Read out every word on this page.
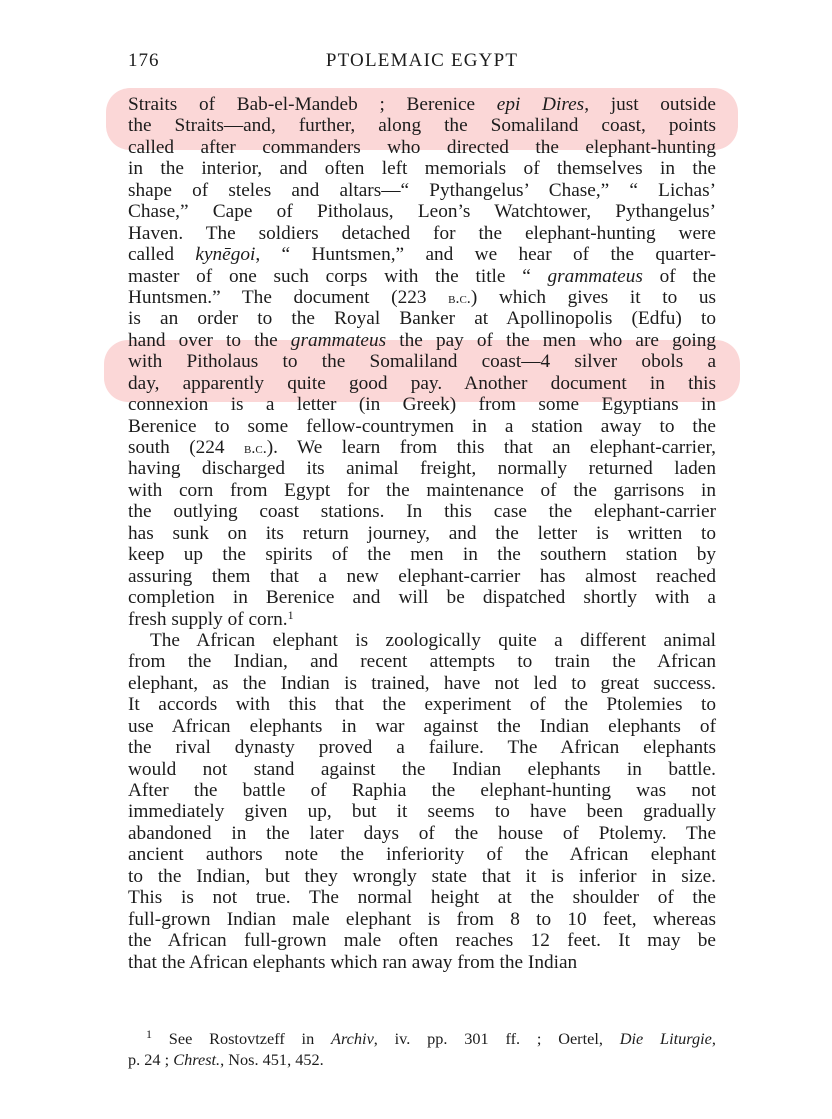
176	PTOLEMAIC EGYPT
Straits of Bab-el-Mandeb ; Berenice epi Dires, just outside
the Straits—and, further, along the Somaliland coast, points
called after commanders who directed the elephant-hunting
in the interior, and often left memorials of themselves in the
shape of steles and altars—“ Pythangelus’ Chase,” “ Lichas’
Chase,” Cape of Pitholaus, Leon’s Watchtower, Pythangelus’
Haven. The soldiers detached for the elephant-hunting were
called kynēgoi, “ Huntsmen,” and we hear of the quarter-
master of one such corps with the title “ grammateus of the
Huntsmen.” The document (223 b.c.) which gives it to us
is an order to the Royal Banker at Apollinopolis (Edfu) to
hand over to the grammateus the pay of the men who are going
with Pitholaus to the Somaliland coast—4 silver obols a
day, apparently quite good pay. Another document in this
connexion is a letter (in Greek) from some Egyptians in
Berenice to some fellow-countrymen in a station away to the
south (224 b.c.). We learn from this that an elephant-carrier,
having discharged its animal freight, normally returned laden
with corn from Egypt for the maintenance of the garrisons in
the outlying coast stations. In this case the elephant-carrier
has sunk on its return journey, and the letter is written to
keep up the spirits of the men in the southern station by
assuring them that a new elephant-carrier has almost reached
completion in Berenice and will be dispatched shortly with a
fresh supply of corn.$^1$
The African elephant is zoologically quite a different animal
from the Indian, and recent attempts to train the African
elephant, as the Indian is trained, have not led to great success.
It accords with this that the experiment of the Ptolemies to
use African elephants in war against the Indian elephants of
the rival dynasty proved a failure. The African elephants
would not stand against the Indian elephants in battle.
After the battle of Raphia the elephant-hunting was not
immediately given up, but it seems to have been gradually
abandoned in the later days of the house of Ptolemy. The
ancient authors note the inferiority of the African elephant
to the Indian, but they wrongly state that it is inferior in size.
This is not true. The normal height at the shoulder of the
full-grown Indian male elephant is from 8 to 10 feet, whereas
the African full-grown male often reaches 12 feet. It may be
that the African elephants which ran away from the Indian
$^1$ See Rostovtzeff in Archiv, iv. pp. 301 ff. ; Oertel, Die Liturgie,
p. 24 ; Chrest., Nos. 451, 452.
